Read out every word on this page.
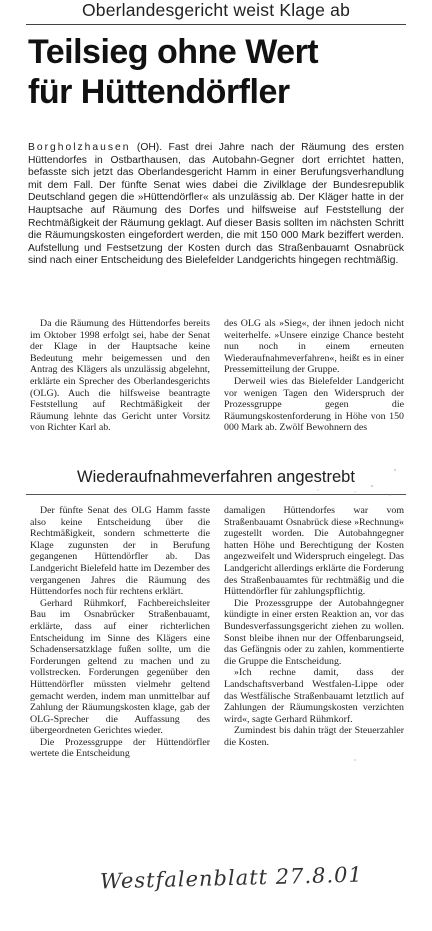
Oberlandesgericht weist Klage ab
Teilsieg ohne Wert
für Hüttendörfler
Borgholzhausen (OH). Fast drei Jahre nach der Räumung des ersten Hüttendorfes in Ostbarthausen, das Autobahn-Gegner dort errichtet hatten, befasste sich jetzt das Oberlandesgericht Hamm in einer Berufungsverhandlung mit dem Fall. Der fünfte Senat wies dabei die Zivilklage der Bundesrepublik Deutschland gegen die »Hüttendörfler« als unzulässig ab. Der Kläger hatte in der Hauptsache auf Räumung des Dorfes und hilfsweise auf Feststellung der Rechtmäßigkeit der Räumung geklagt. Auf dieser Basis sollten im nächsten Schritt die Räumungskosten eingefordert werden, die mit 150 000 Mark beziffert werden. Aufstellung und Festsetzung der Kosten durch das Straßenbauamt Osnabrück sind nach einer Entscheidung des Bielefelder Landgerichts hingegen rechtmäßig.

Da die Räumung des Hüttendorfes bereits im Oktober 1998 erfolgt sei, habe der Senat der Klage in der Hauptsache keine Bedeutung mehr beigemessen und den Antrag des Klägers als unzulässig abgelehnt, erklärte ein Sprecher des Oberlandesgerichts (OLG). Auch die hilfsweise beantragte Feststellung auf Rechtmäßigkeit der Räumung lehnte das Gericht unter Vorsitz von Richter Karl ab.

des OLG als »Sieg«, der ihnen jedoch nicht weiterhelfe. »Unsere einzige Chance besteht nun noch in einem erneuten Wiederaufnahmeverfahren«, heißt es in einer Pressemitteilung der Gruppe.

Derweil wies das Bielefelder Landgericht vor wenigen Tagen den Widerspruch der Prozessgruppe gegen die Räumungskostenforderung in Höhe von 150 000 Mark ab. Zwölf Bewohnern des

Wiederaufnahmeverfahren angestrebt

Der fünfte Senat des OLG Hamm fasste also keine Entscheidung über die Rechtmäßigkeit, sondern schmetterte die Klage zugunsten der in Berufung gegangenen Hüttendörfler ab. Das Landgericht Bielefeld hatte im Dezember des vergangenen Jahres die Räumung des Hüttendorfes noch für rechtens erklärt.

Gerhard Rühmkorf, Fachbereichsleiter Bau im Osnabrücker Straßenbauamt, erklärte, dass auf einer richterlichen Entscheidung im Sinne des Klägers eine Schadensersatzklage fußen sollte, um die Forderungen geltend zu machen und zu vollstrecken. Forderungen gegenüber den Hüttendörfler müssten vielmehr geltend gemacht werden, indem man unmittelbar auf Zahlung der Räumungskosten klage, gab der OLG-Sprecher die Auffassung des übergeordneten Gerichtes wieder.

Die Prozessgruppe der Hüttendörfler wertete die Entscheidung

damaligen Hüttendorfes war vom Straßenbauamt Osnabrück diese »Rechnung« zugestellt worden. Die Autobahngegner hatten Höhe und Berechtigung der Kosten angezweifelt und Widerspruch eingelegt. Das Landgericht allerdings erklärte die Forderung des Straßenbauamtes für rechtmäßig und die Hüttendörfler für zahlungspflichtig.

Die Prozessgruppe der Autobahngegner kündigte in einer ersten Reaktion an, vor das Bundesverfassungsgericht ziehen zu wollen. Sonst bleibe ihnen nur der Offenbarungseid, das Gefängnis oder zu zahlen, kommentierte die Gruppe die Entscheidung.

»Ich rechne damit, dass der Landschaftsverband Westfalen-Lippe oder das Westfälische Straßenbauamt letztlich auf Zahlungen der Räumungskosten verzichten wird«, sagte Gerhard Rühmkorf.

Zumindest bis dahin trägt der Steuerzahler die Kosten.

Westfalenblatt 27.8.01
